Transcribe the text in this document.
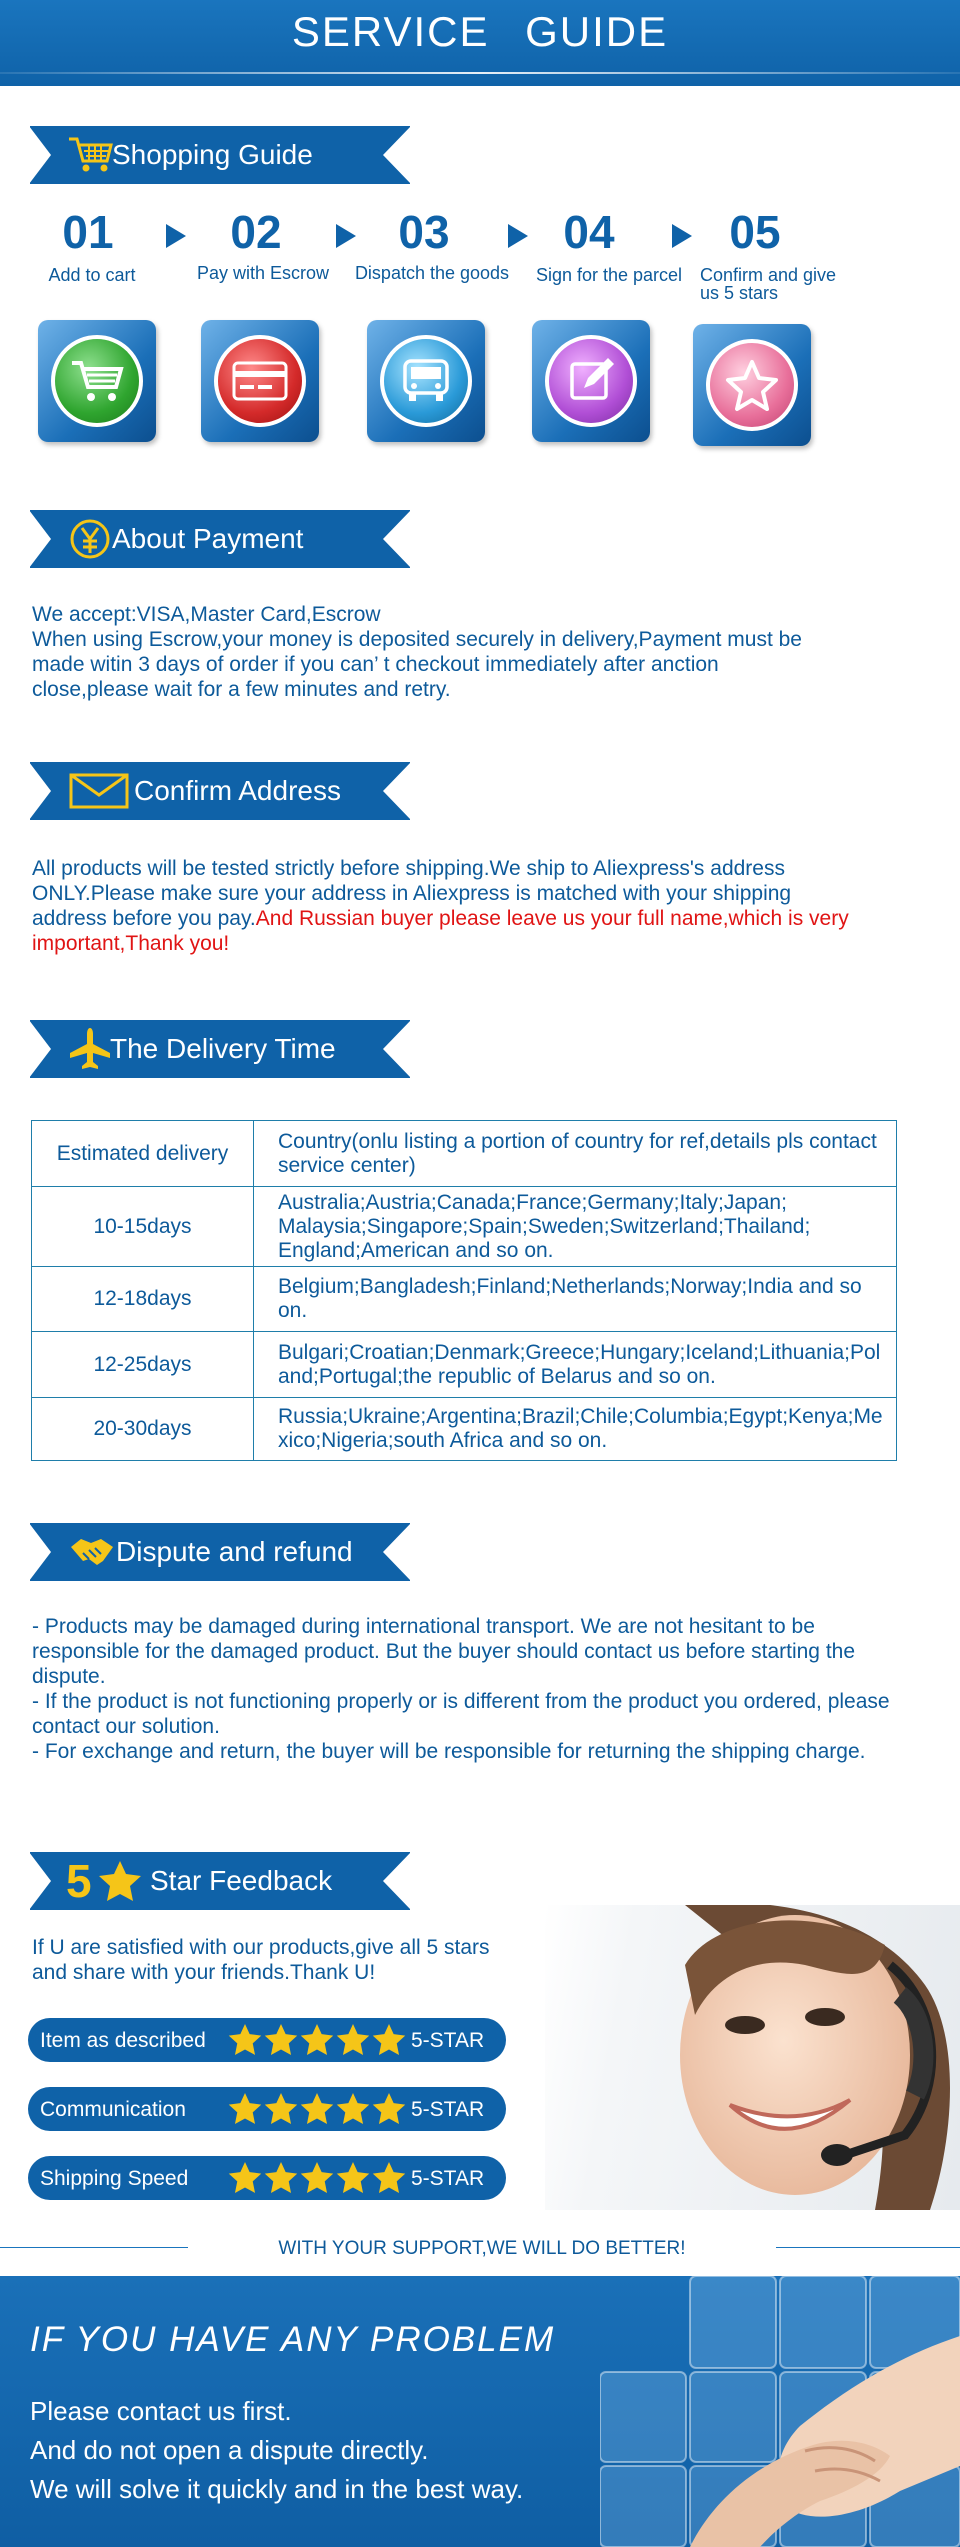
SERVICE GUIDE
Shopping Guide
01	02	03	04	05
Add to cart	Pay with Escrow	Dispatch the goods	Sign for the parcel Confirm and give us 5 stars
About Payment
We accept:VISA,Master Card,Escrow
When using Escrow,your money is deposited securely in delivery,Payment must be made witin 3 days of order if you can’ t checkout immediately after anction close,please wait for a few minutes and retry.
Confirm Address
All products will be tested strictly before shipping.We ship to Aliexpress's address ONLY.Please make sure your address in Aliexpress is matched with your shipping address before you pay.And Russian buyer please leave us your full name,which is very important,Thank you!
The Delivery Time
Estimated delivery	Country(onlu listing a portion of country for ref,details pls contact service center)
10-15days	Australia;Austria;Canada;France;Germany;Italy;Japan; Malaysia;Singapore;Spain;Sweden;Switzerland;Thailand; England;American and so on.
12-18days	Belgium;Bangladesh;Finland;Netherlands;Norway;India and so on.
12-25days	Bulgari;Croatian;Denmark;Greece;Hungary;Iceland;Lithuania;Poland;Portugal;the republic of Belarus and so on.
20-30days	Russia;Ukraine;Argentina;Brazil;Chile;Columbia;Egypt;Kenya;Mexico;Nigeria;south Africa and so on.
Dispute and refund
- Products may be damaged during international transport. We are not hesitant to be responsible for the damaged product. But the buyer should contact us before starting the dispute.
- If the product is not functioning properly or is different from the product you ordered, please contact our solution.
- For exchange and return, the buyer will be responsible for returning the shipping charge.
5 Star Feedback
If U are satisfied with our products,give all 5 stars and share with your friends.Thank U!
Item as described	5-STAR
Communication	5-STAR
Shipping Speed	5-STAR
WITH YOUR SUPPORT,WE WILL DO BETTER!
IF YOU HAVE ANY PROBLEM
Please contact us first.
And do not open a dispute directly.
We will solve it quickly and in the best way.
